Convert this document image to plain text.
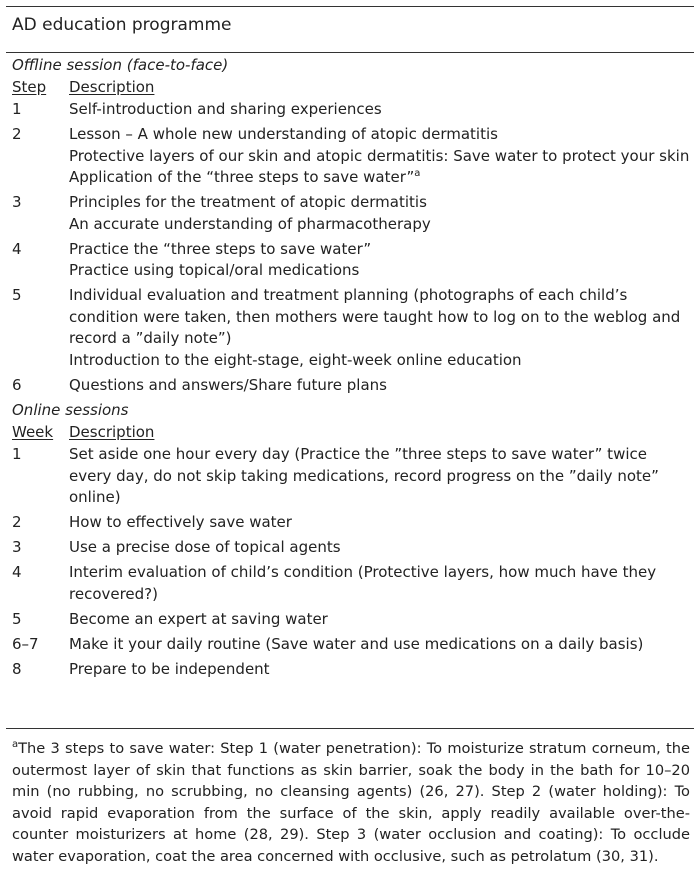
AD education programme
Offline session (face-to-face)
Step	Description
1	Self-introduction and sharing experiences
2	Lesson – A whole new understanding of atopic dermatitis
Protective layers of our skin and atopic dermatitis: Save water to protect your skin
Application of the “three steps to save water”$^a$
3	Principles for the treatment of atopic dermatitis
An accurate understanding of pharmacotherapy
4	Practice the “three steps to save water”
Practice using topical/oral medications
5	Individual evaluation and treatment planning (photographs of each child’s condition were taken, then mothers were taught how to log on to the weblog and record a ”daily note”)
Introduction to the eight-stage, eight-week online education
6	Questions and answers/Share future plans
Online sessions
Week	Description
1	Set aside one hour every day (Practice the ”three steps to save water” twice every day, do not skip taking medications, record progress on the ”daily note” online)
2	How to effectively save water
3	Use a precise dose of topical agents
4	Interim evaluation of child’s condition (Protective layers, how much have they recovered?)
5	Become an expert at saving water
6–7	Make it your daily routine (Save water and use medications on a daily basis)
8	Prepare to be independent
$^a$The 3 steps to save water: Step 1 (water penetration): To moisturize stratum corneum, the outermost layer of skin that functions as skin barrier, soak the body in the bath for 10–20 min (no rubbing, no scrubbing, no cleansing agents) (26, 27). Step 2 (water holding): To avoid rapid evaporation from the surface of the skin, apply readily available over-the-counter moisturizers at home (28, 29). Step 3 (water occlusion and coating): To occlude water evaporation, coat the area concerned with occlusive, such as petrolatum (30, 31).
